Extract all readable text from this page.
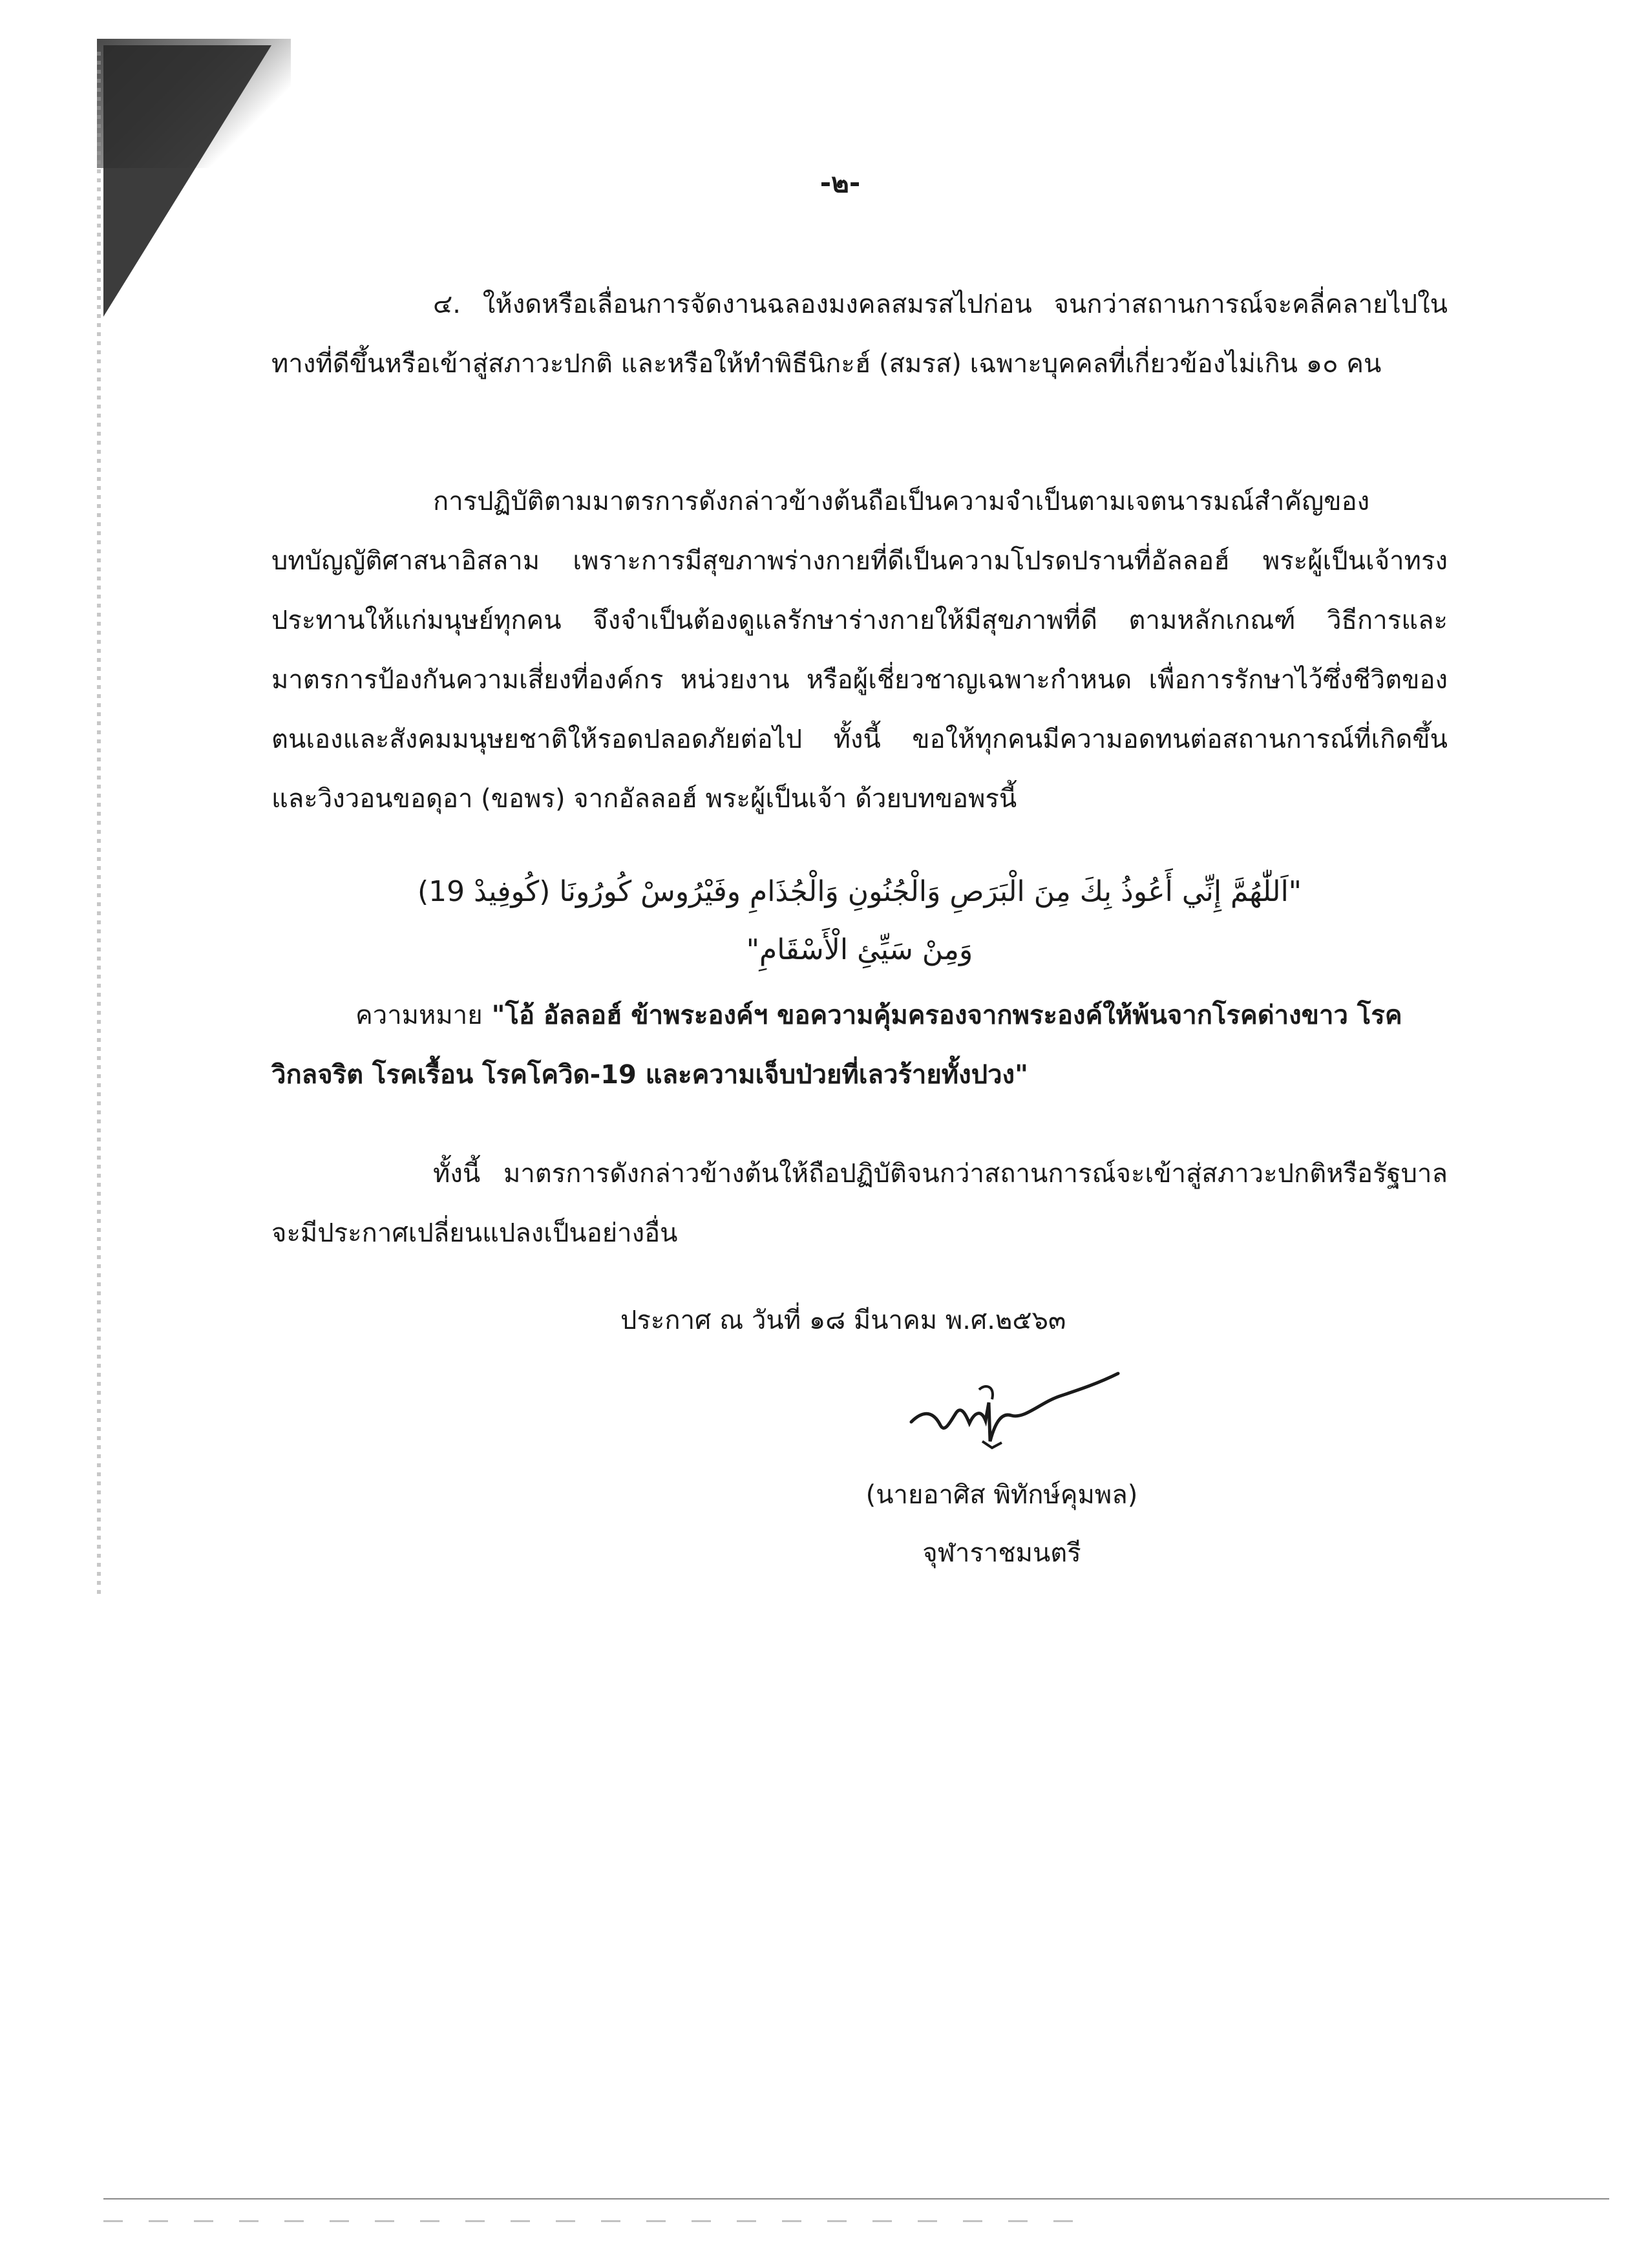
-๒-

๔. ให้งดหรือเลื่อนการจัดงานฉลองมงคลสมรสไปก่อน จนกว่าสถานการณ์จะคลี่คลายไปในทางที่ดีขึ้นหรือเข้าสู่สภาวะปกติ และหรือให้ทำพิธีนิกะฮ์ (สมรส) เฉพาะบุคคลที่เกี่ยวข้องไม่เกิน ๑๐ คน

การปฏิบัติตามมาตรการดังกล่าวข้างต้นถือเป็นความจำเป็นตามเจตนารมณ์สำคัญของบทบัญญัติศาสนาอิสลาม เพราะการมีสุขภาพร่างกายที่ดีเป็นความโปรดปรานที่อัลลอฮ์ พระผู้เป็นเจ้าทรงประทานให้แก่มนุษย์ทุกคน จึงจำเป็นต้องดูแลรักษาร่างกายให้มีสุขภาพที่ดี ตามหลักเกณฑ์ วิธีการและมาตรการป้องกันความเสี่ยงที่องค์กร หน่วยงาน หรือผู้เชี่ยวชาญเฉพาะกำหนด เพื่อการรักษาไว้ซึ่งชีวิตของตนเองและสังคมมนุษยชาติให้รอดปลอดภัยต่อไป ทั้งนี้ ขอให้ทุกคนมีความอดทนต่อสถานการณ์ที่เกิดขึ้นและวิงวอนขอดุอา (ขอพร) จากอัลลอฮ์ พระผู้เป็นเจ้า ด้วยบทขอพรนี้

"اَللّٰهُمَّ إِنِّي أَعُوذُ بِكَ مِنَ الْبَرَصِ وَالْجُنُونِ وَالْجُذَامِ وفَيْرُوسْ كُورُونَا (كُوفِيدْ 19)
وَمِنْ سَيِّئِ الْأَسْقَامِ"

ความหมาย "โอ้ อัลลอฮ์ ข้าพระองค์ฯ ขอความคุ้มครองจากพระองค์ให้พ้นจากโรคด่างขาว โรควิกลจริต โรคเรื้อน โรคโควิด-19 และความเจ็บป่วยที่เลวร้ายทั้งปวง"

ทั้งนี้ มาตรการดังกล่าวข้างต้นให้ถือปฏิบัติจนกว่าสถานการณ์จะเข้าสู่สภาวะปกติหรือรัฐบาลจะมีประกาศเปลี่ยนแปลงเป็นอย่างอื่น

ประกาศ ณ วันที่ ๑๘ มีนาคม พ.ศ.๒๕๖๓
(นายอาศิส พิทักษ์คุมพล)
จุฬาราชมนตรี
